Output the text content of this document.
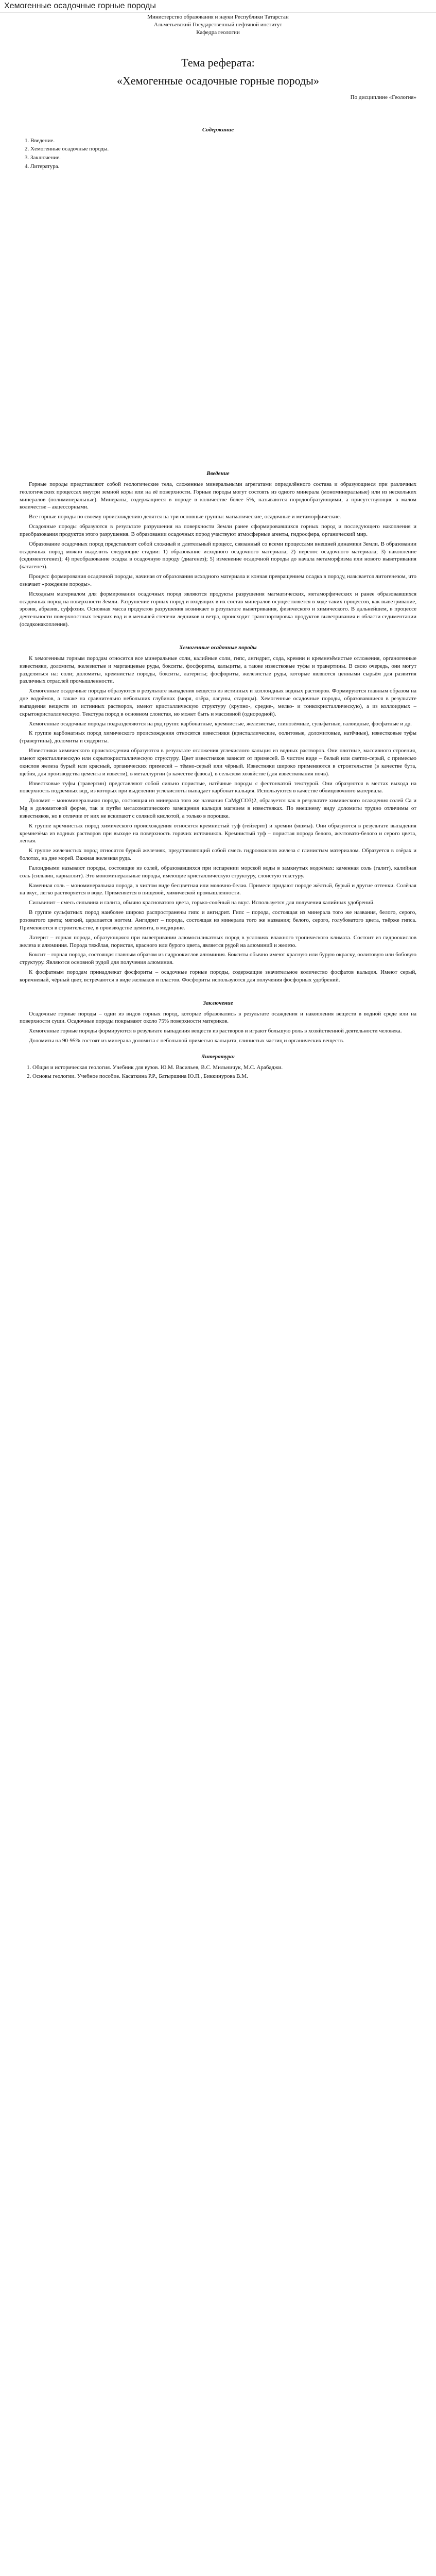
Хемогенные осадочные горные породы
Министерство образования и науки Республики Татарстан
Альметьевский Государственный нефтяной институт
Кафедра геологии
Тема реферата:
«Хемогенные осадочные горные породы»
По дисциплине «Геология»
Содержание
1. Введение.
2. Хемогенные осадочные породы.
3. Заключение.
4. Литература.
Введение

Горные породы представляют собой геологические тела, сложенные минеральными агрегатами определённого состава и образующиеся при различных геологических процессах внутри земной коры или на её поверхности. Горные породы могут состоять из одного минерала (мономинеральные) или из нескольких минералов (полиминеральные). Минералы, содержащиеся в породе в количестве более 5%, называются породообразующими, а присутствующие в малом количестве – акцессорными.

Все горные породы по своему происхождению делятся на три основные группы: магматические, осадочные и метаморфические.

Осадочные породы образуются в результате разрушения на поверхности Земли ранее сформировавшихся горных пород и последующего накопления и преобразования продуктов этого разрушения. В образовании осадочных пород участвуют атмосферные агенты, гидросфера, органический мир.

Образование осадочных пород представляет собой сложный и длительный процесс, связанный со всеми процессами внешней динамики Земли. В образовании осадочных пород можно выделить следующие стадии: 1) образование исходного осадочного материала; 2) перенос осадочного материала; 3) накопление (седиментогенез); 4) преобразование осадка в осадочную породу (диагенез); 5) изменение осадочной породы до начала метаморфизма или нового выветривания (катагенез).

Процесс формирования осадочной породы, начиная от образования исходного материала и кончая превращением осадка в породу, называется литогенезом, что означает «рождение породы».

Исходным материалом для формирования осадочных пород являются продукты разрушения магматических, метаморфических и ранее образовавшихся осадочных пород на поверхности Земли. Разрушение горных пород и входящих в их состав минералов осуществляется в ходе таких процессов, как выветривание, эрозия, абразия, суффозия. Основная масса продуктов разрушения возникает в результате выветривания, физического и химического. В дальнейшем, в процессе деятельности поверхностных текучих вод и в меньшей степени ледников и ветра, происходит транспортировка продуктов выветривания и области седиментации (осадконакопления).

Хемогенные осадочные породы

К хемогенным горным породам относятся все минеральные соли, калийные соли, гипс, ангидрит, сода, кремни и кремнезёмистые отложения, органогенные известняки, доломиты, железистые и марганцевые руды, бокситы, фосфориты, кальциты, а также известковые туфы и травертины. В свою очередь, они могут разделяться на: соли; доломиты, кремнистые породы, бокситы, латериты; фосфориты, железистые руды, которые являются ценными сырьём для развития различных отраслей промышленности.

Хемогенные осадочные породы образуются в результате выпадения веществ из истинных и коллоидных водных растворов. Формируются главным образом на дне водоёмов, а также на сравнительно небольших глубинах (моря, озёра, лагуны, старицы). Хемогенные осадочные породы, образовавшиеся в результате выпадения веществ из истинных растворов, имеют кристаллическую структуру (крупно-, средне-, мелко- и тонкокристаллическую), а из коллоидных – скрытокристаллическую. Текстура пород в основном слоистая, но может быть и массивной (однородной).

Хемогенные осадочные породы подразделяются на ряд групп: карбонатные, кремнистые, железистые, глинозёмные, сульфатные, галоидные, фосфатные и др.

К группе карбонатных пород химического происхождения относятся известняки (кристаллические, оолитовые, доломитовые, натёчные), известковые туфы (травертины), доломиты и сидериты.

Известняки химического происхождения образуются в результате отложения углекислого кальция из водных растворов. Они плотные, массивного строения, имеют кристаллическую или скрытокристаллическую структуру. Цвет известняков зависит от примесей. В чистом виде – белый или светло-серый, с примесью окислов железа бурый или красный, органических примесей – тёмно-серый или чёрный. Известняки широко применяются в строительстве (в качестве бута, щебня, для производства цемента и извести), в металлургии (в качестве флюса), в сельском хозяйстве (для известкования почв).

Известковые туфы (травертин) представляют собой сильно пористые, натёчные породы с фестончатой текстурой. Они образуются в местах выхода на поверхность подземных вод, из которых при выделении углекислоты выпадает карбонат кальция. Используются в качестве облицовочного материала.

Доломит – мономинеральная порода, состоящая из минерала того же названия CaMg(CO3)2, образуется как в результате химического осаждения солей Ca и Mg в доломитовой форме, так и путём метасоматического замещения кальция магнием в известняках. По внешнему виду доломиты трудно отличимы от известняков, но в отличие от них не вскипают с соляной кислотой, а только в порошке.

К группе кремнистых пород химического происхождения относятся кремнистый туф (гейзерит) и кремни (яшмы). Они образуются в результате выпадения кремнезёма из водных растворов при выходе на поверхность горячих источников. Кремнистый туф – пористая порода белого, желтовато-белого и серого цвета, легкая.

К группе железистых пород относятся бурый железняк, представляющий собой смесь гидроокислов железа с глинистым материалом. Образуется в озёрах и болотах, на дне морей. Важная железная руда.

Галоидными называют породы, состоящие из солей, образовавшихся при испарении морской воды в замкнутых водоёмах: каменная соль (галит), калийная соль (сильвин, карналлит). Это мономинеральные породы, имеющие кристаллическую структуру, слоистую текстуру.

Каменная соль – мономинеральная порода, в чистом виде бесцветная или молочно-белая. Примеси придают породе жёлтый, бурый и другие оттенки. Солёная на вкус, легко растворяется в воде. Применяется в пищевой, химической промышленности.

Сильвинит – смесь сильвина и галита, обычно красноватого цвета, горько-солёный на вкус. Используется для получения калийных удобрений.

В группе сульфатных пород наиболее широко распространены гипс и ангидрит. Гипс – порода, состоящая из минерала того же названия, белого, серого, розоватого цвета; мягкий, царапается ногтем. Ангидрит – порода, состоящая из минерала того же названия; белого, серого, голубоватого цвета, твёрже гипса. Применяются в строительстве, в производстве цемента, в медицине.

Латерит – горная порода, образующаяся при выветривании алюмосиликатных пород в условиях влажного тропического климата. Состоит из гидроокислов железа и алюминия. Порода тяжёлая, пористая, красного или бурого цвета, является рудой на алюминий и железо.

Боксит – горная порода, состоящая главным образом из гидроокислов алюминия. Бокситы обычно имеют красную или бурую окраску, оолитовую или бобовую структуру. Являются основной рудой для получения алюминия.

К фосфатным породам принадлежат фосфориты – осадочные горные породы, содержащие значительное количество фосфатов кальция. Имеют серый, коричневый, чёрный цвет, встречаются в виде желваков и пластов. Фосфориты используются для получения фосфорных удобрений.

Заключение

Осадочные горные породы – одни из видов горных пород, которые образовались в результате осаждения и накопления веществ в водной среде или на поверхности суши. Осадочные породы покрывают около 75% поверхности материков.

Хемогенные горные породы формируются в результате выпадения веществ из растворов и играют большую роль в хозяйственной деятельности человека.

Доломиты на 90-95% состоят из минерала доломита с небольшой примесью кальцита, глинистых частиц и органических веществ.

Литература:
1. Общая и историческая геология. Учебник для вузов. Ю.М. Васильев, В.С. Мильничук, М.С. Арабаджи.
2. Основы геологии. Учебное пособие. Касаткина Р.Р., Батыршина Ю.П., Биккинурова В.М.
